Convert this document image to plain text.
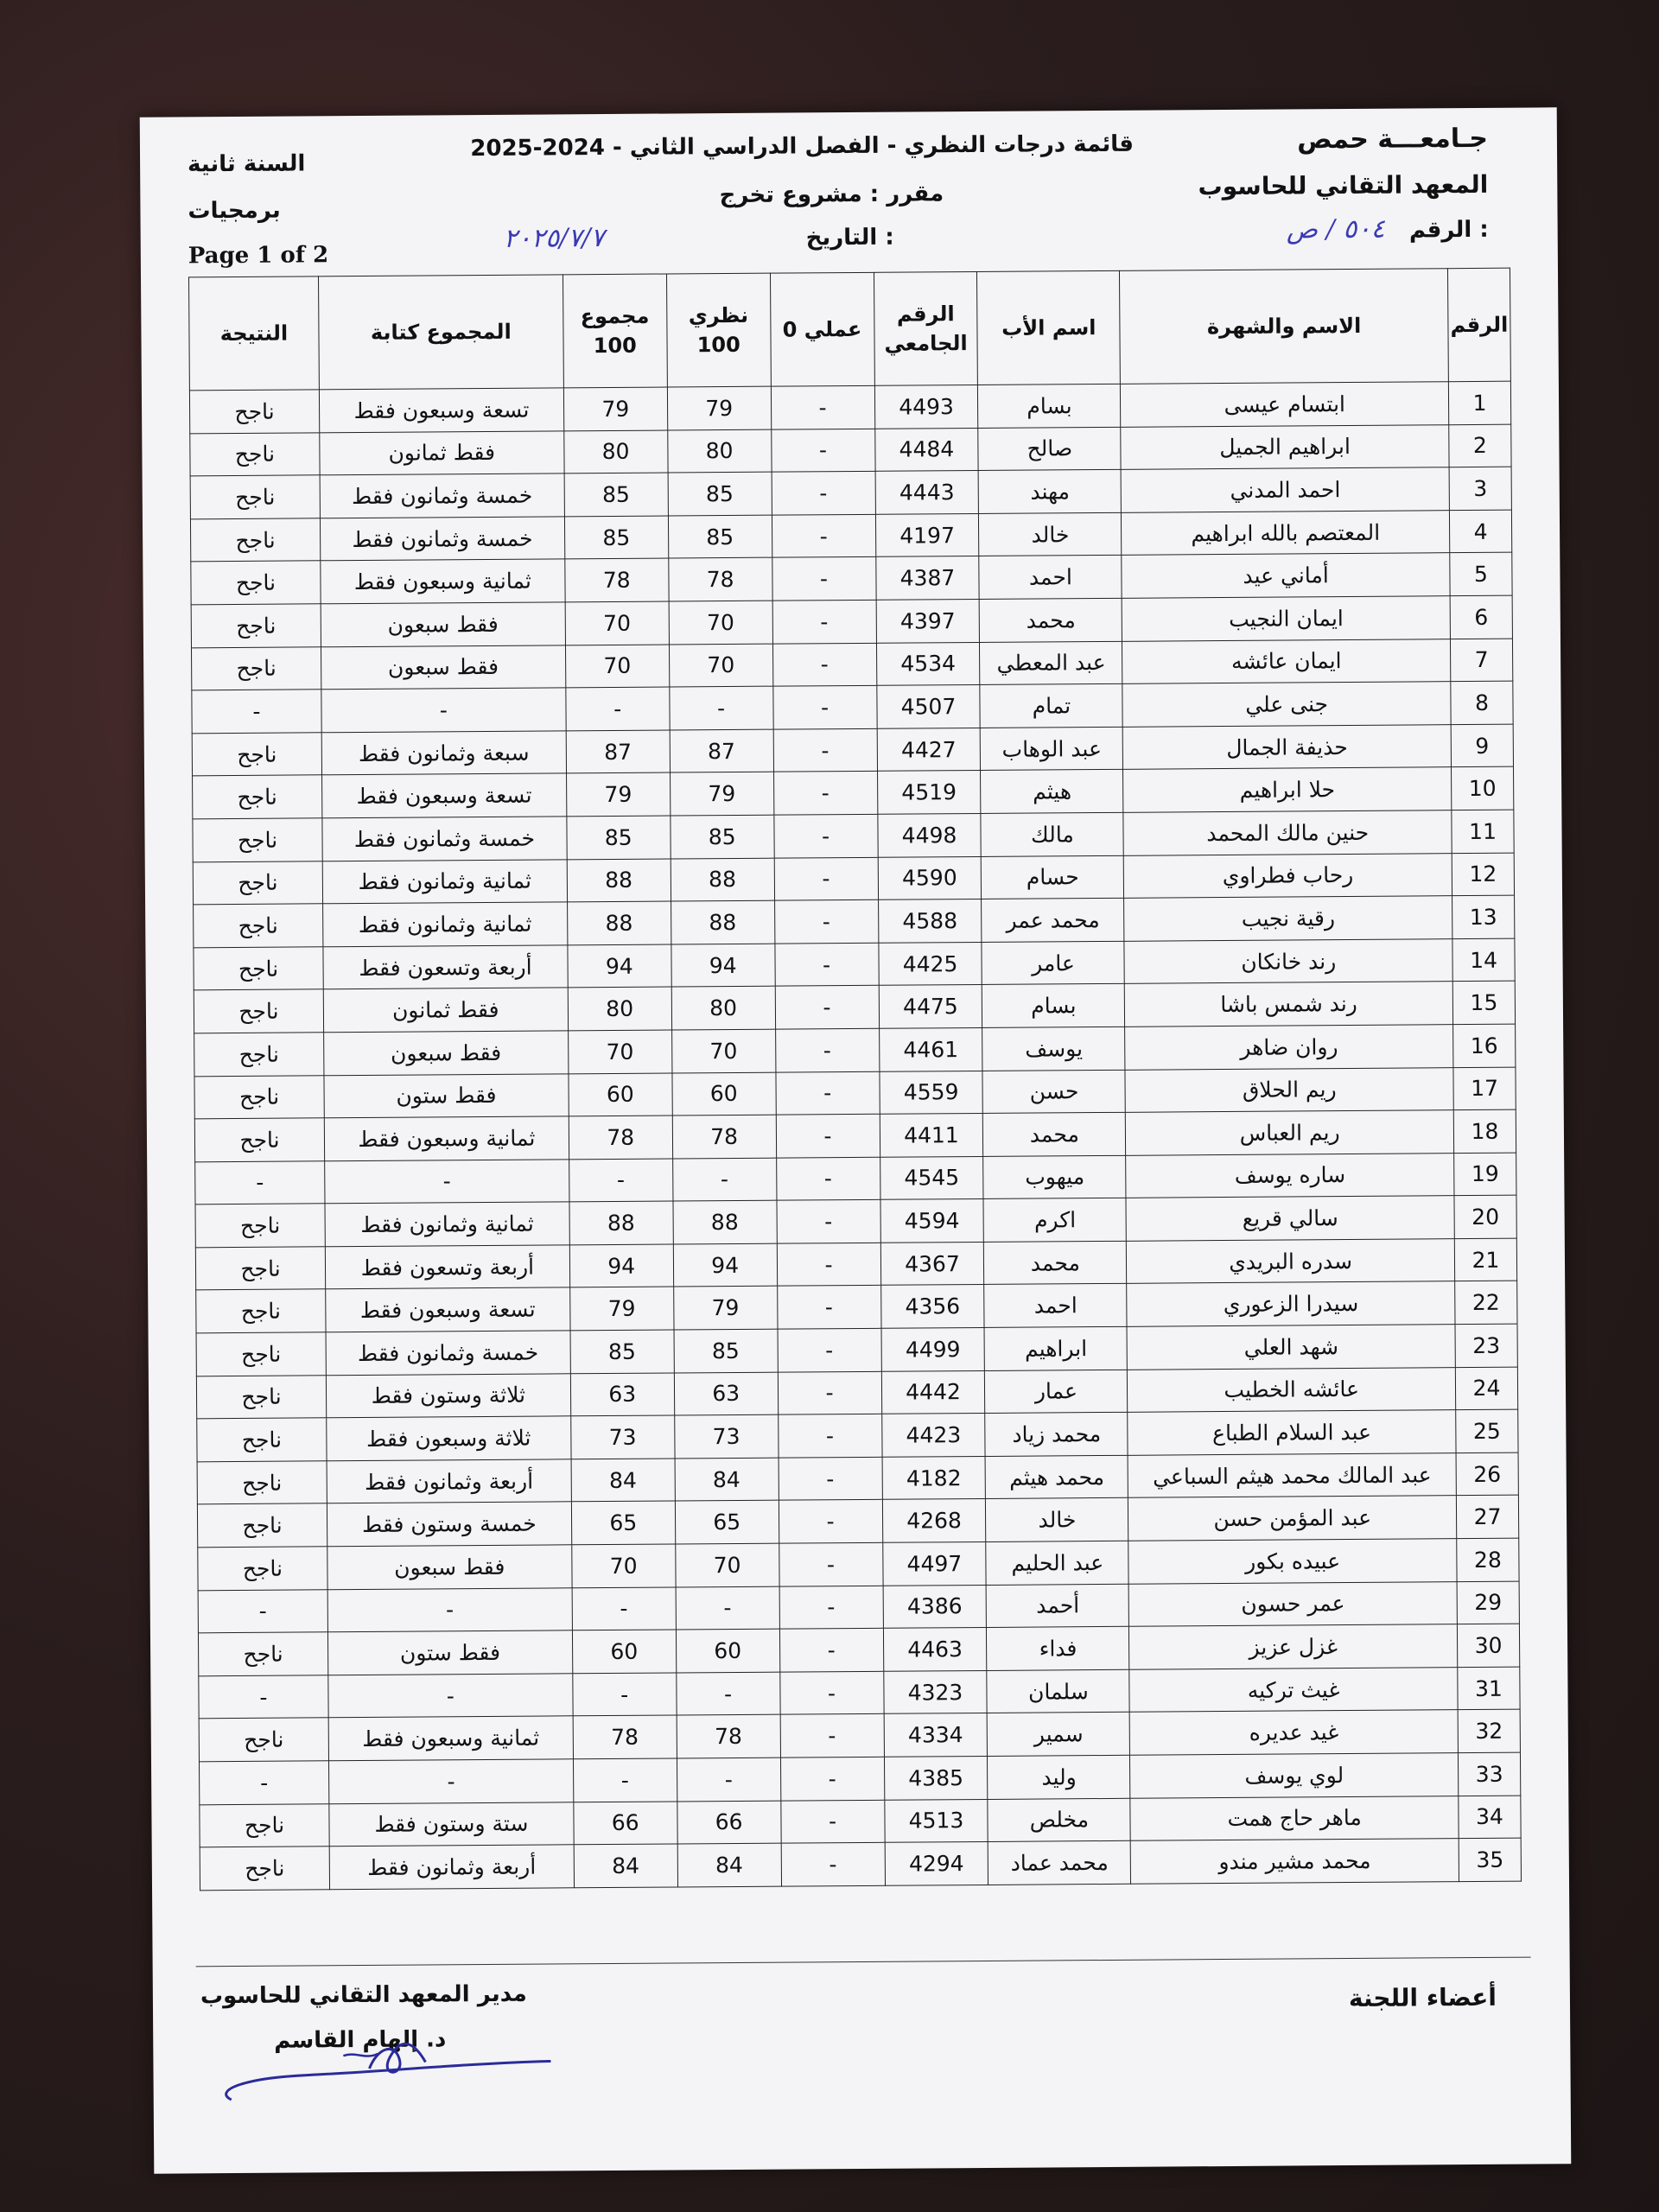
جـامعـــة حمص
المعهد التقاني للحاسوب
الرقم :
٥٠٤ / ص
قائمة درجات النظري - الفصل الدراسي الثاني - 2024-2025
مقرر : مشروع تخرج
التاريخ :
٢٠٢٥/٧/٧
السنة ثانية
برمجيات
Page 1 of 2
الرقم	الاسم والشهرة	اسم الأب	الرقم الجامعي	عملي 0	نظري 100	مجموع 100	المجموع كتابة	النتيجة
1	ابتسام عيسى	بسام	4493	-	79	79	تسعة وسبعون فقط	ناجح
2	ابراهيم الجميل	صالح	4484	-	80	80	فقط ثمانون	ناجح
3	احمد المدني	مهند	4443	-	85	85	خمسة وثمانون فقط	ناجح
4	المعتصم بالله ابراهيم	خالد	4197	-	85	85	خمسة وثمانون فقط	ناجح
5	أماني عيد	احمد	4387	-	78	78	ثمانية وسبعون فقط	ناجح
6	ايمان النجيب	محمد	4397	-	70	70	فقط سبعون	ناجح
7	ايمان عائشه	عبد المعطي	4534	-	70	70	فقط سبعون	ناجح
8	جنى علي	تمام	4507	-	-	-	-	-
9	حذيفة الجمال	عبد الوهاب	4427	-	87	87	سبعة وثمانون فقط	ناجح
10	حلا ابراهيم	هيثم	4519	-	79	79	تسعة وسبعون فقط	ناجح
11	حنين مالك المحمد	مالك	4498	-	85	85	خمسة وثمانون فقط	ناجح
12	رحاب فطراوي	حسام	4590	-	88	88	ثمانية وثمانون فقط	ناجح
13	رقية نجيب	محمد عمر	4588	-	88	88	ثمانية وثمانون فقط	ناجح
14	رند خانكان	عامر	4425	-	94	94	أربعة وتسعون فقط	ناجح
15	رند شمس باشا	بسام	4475	-	80	80	فقط ثمانون	ناجح
16	روان ضاهر	يوسف	4461	-	70	70	فقط سبعون	ناجح
17	ريم الحلاق	حسن	4559	-	60	60	فقط ستون	ناجح
18	ريم العباس	محمد	4411	-	78	78	ثمانية وسبعون فقط	ناجح
19	ساره يوسف	ميهوب	4545	-	-	-	-	-
20	سالي قريع	اكرم	4594	-	88	88	ثمانية وثمانون فقط	ناجح
21	سدره البريدي	محمد	4367	-	94	94	أربعة وتسعون فقط	ناجح
22	سيدرا الزعوري	احمد	4356	-	79	79	تسعة وسبعون فقط	ناجح
23	شهد العلي	ابراهيم	4499	-	85	85	خمسة وثمانون فقط	ناجح
24	عائشه الخطيب	عمار	4442	-	63	63	ثلاثة وستون فقط	ناجح
25	عبد السلام الطباع	محمد زياد	4423	-	73	73	ثلاثة وسبعون فقط	ناجح
26	عبد المالك محمد هيثم السباعي	محمد هيثم	4182	-	84	84	أربعة وثمانون فقط	ناجح
27	عبد المؤمن حسن	خالد	4268	-	65	65	خمسة وستون فقط	ناجح
28	عبيده بكور	عبد الحليم	4497	-	70	70	فقط سبعون	ناجح
29	عمر حسون	أحمد	4386	-	-	-	-	-
30	غزل عزيز	فداء	4463	-	60	60	فقط ستون	ناجح
31	غيث تركيه	سلمان	4323	-	-	-	-	-
32	غيد عديره	سمير	4334	-	78	78	ثمانية وسبعون فقط	ناجح
33	لوي يوسف	وليد	4385	-	-	-	-	-
34	ماهر حاج همت	مخلص	4513	-	66	66	ستة وستون فقط	ناجح
35	محمد مشير مندو	محمد عماد	4294	-	84	84	أربعة وثمانون فقط	ناجح
أعضاء اللجنة
مدير المعهد التقاني للحاسوب
د. إلهام القاسم
